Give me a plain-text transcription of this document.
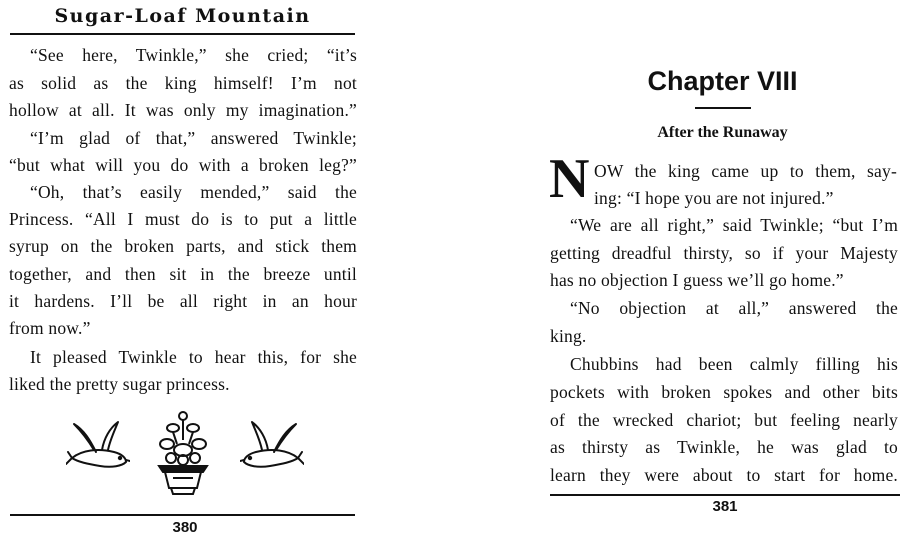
Sugar-Loaf Mountain
“See here, Twinkle,” she cried; “it’s
as solid as the king himself! I’m not
hollow at all. It was only my imagination.”
“I’m glad of that,” answered Twinkle;
“but what will you do with a broken leg?”
“Oh, that’s easily mended,” said the
Princess. “All I must do is to put a little
syrup on the broken parts, and stick them
together, and then sit in the breeze until
it hardens. I’ll be all right in an hour
from now.”
It pleased Twinkle to hear this, for she
liked the pretty sugar princess.
380
Chapter VIII
After the Runaway
N OW the king came up to them, say-
ing: “I hope you are not injured.”
“We are all right,” said Twinkle; “but I’m
getting dreadful thirsty, so if your Majesty
has no objection I guess we’ll go home.”
“No objection at all,” answered the
king.
Chubbins had been calmly filling his
pockets with broken spokes and other bits
of the wrecked chariot; but feeling nearly
as thirsty as Twinkle, he was glad to
learn they were about to start for home.
381
